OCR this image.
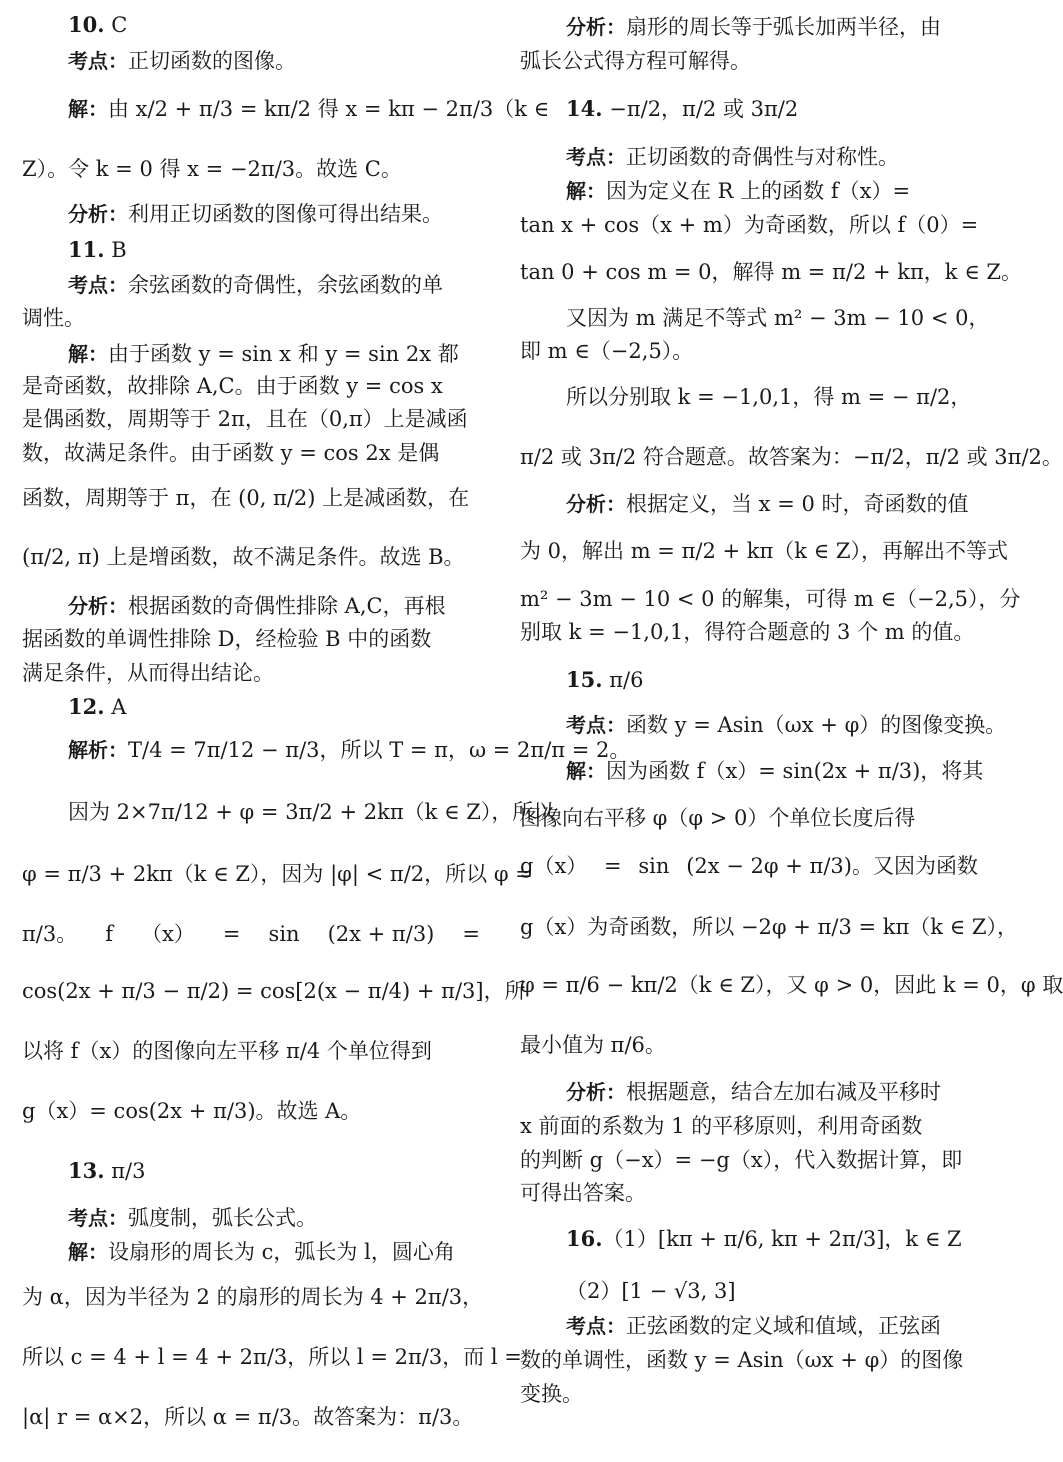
10. C
考点：正切函数的图像。
解：由 x/2 + π/3 = kπ/2 得 x = kπ − 2π/3（k ∈
Z）。令 k = 0 得 x = −2π/3。故选 C。
分析：利用正切函数的图像可得出结果。
11. B
考点：余弦函数的奇偶性，余弦函数的单
调性。
解：由于函数 y = sin x 和 y = sin 2x 都
是奇函数，故排除 A,C。由于函数 y = cos x
是偶函数，周期等于 2π，且在（0,π）上是减函
数，故满足条件。由于函数 y = cos 2x 是偶
函数，周期等于 π，在 (0, π/2) 上是减函数，在
(π/2, π) 上是增函数，故不满足条件。故选 B。
分析：根据函数的奇偶性排除 A,C，再根
据函数的单调性排除 D，经检验 B 中的函数
满足条件，从而得出结论。
12. A
解析：T/4 = 7π/12 − π/3，所以 T = π，ω = 2π/π = 2。
因为 2×7π/12 + φ = 3π/2 + 2kπ（k ∈ Z），所以
φ = π/3 + 2kπ（k ∈ Z），因为 |φ| < π/2，所以 φ =
π/3。 f （x） = sin (2x + π/3) =
cos(2x + π/3 − π/2) = cos[2(x − π/4) + π/3]，所
以将 f（x）的图像向左平移 π/4 个单位得到
g（x）= cos(2x + π/3)。故选 A。
13. π/3
考点：弧度制，弧长公式。
解：设扇形的周长为 c，弧长为 l，圆心角
为 α，因为半径为 2 的扇形的周长为 4 + 2π/3，
所以 c = 4 + l = 4 + 2π/3，所以 l = 2π/3，而 l =
|α| r = α×2，所以 α = π/3。故答案为：π/3。
分析：扇形的周长等于弧长加两半径，由
弧长公式得方程可解得。
14. −π/2，π/2 或 3π/2
考点：正切函数的奇偶性与对称性。
解：因为定义在 R 上的函数 f（x）=
tan x + cos（x + m）为奇函数，所以 f（0）=
tan 0 + cos m = 0，解得 m = π/2 + kπ，k ∈ Z。
又因为 m 满足不等式 m² − 3m − 10 < 0，
即 m ∈（−2,5）。
所以分别取 k = −1,0,1，得 m = − π/2，
π/2 或 3π/2 符合题意。故答案为：−π/2，π/2 或 3π/2。
分析：根据定义，当 x = 0 时，奇函数的值
为 0，解出 m = π/2 + kπ（k ∈ Z），再解出不等式
m² − 3m − 10 < 0 的解集，可得 m ∈（−2,5），分
别取 k = −1,0,1，得符合题意的 3 个 m 的值。
15. π/6
考点：函数 y = Asin（ωx + φ）的图像变换。
解：因为函数 f（x）= sin(2x + π/3)，将其
图像向右平移 φ（φ > 0）个单位长度后得
g（x） = sin (2x − 2φ + π/3)。又因为函数
g（x）为奇函数，所以 −2φ + π/3 = kπ（k ∈ Z），
φ = π/6 − kπ/2（k ∈ Z），又 φ > 0，因此 k = 0，φ 取
最小值为 π/6。
分析：根据题意，结合左加右减及平移时
x 前面的系数为 1 的平移原则，利用奇函数
的判断 g（−x）= −g（x），代入数据计算，即
可得出答案。
16.（1）[kπ + π/6, kπ + 2π/3]，k ∈ Z
（2）[1 − √3, 3]
考点：正弦函数的定义域和值域，正弦函
数的单调性，函数 y = Asin（ωx + φ）的图像
变换。
